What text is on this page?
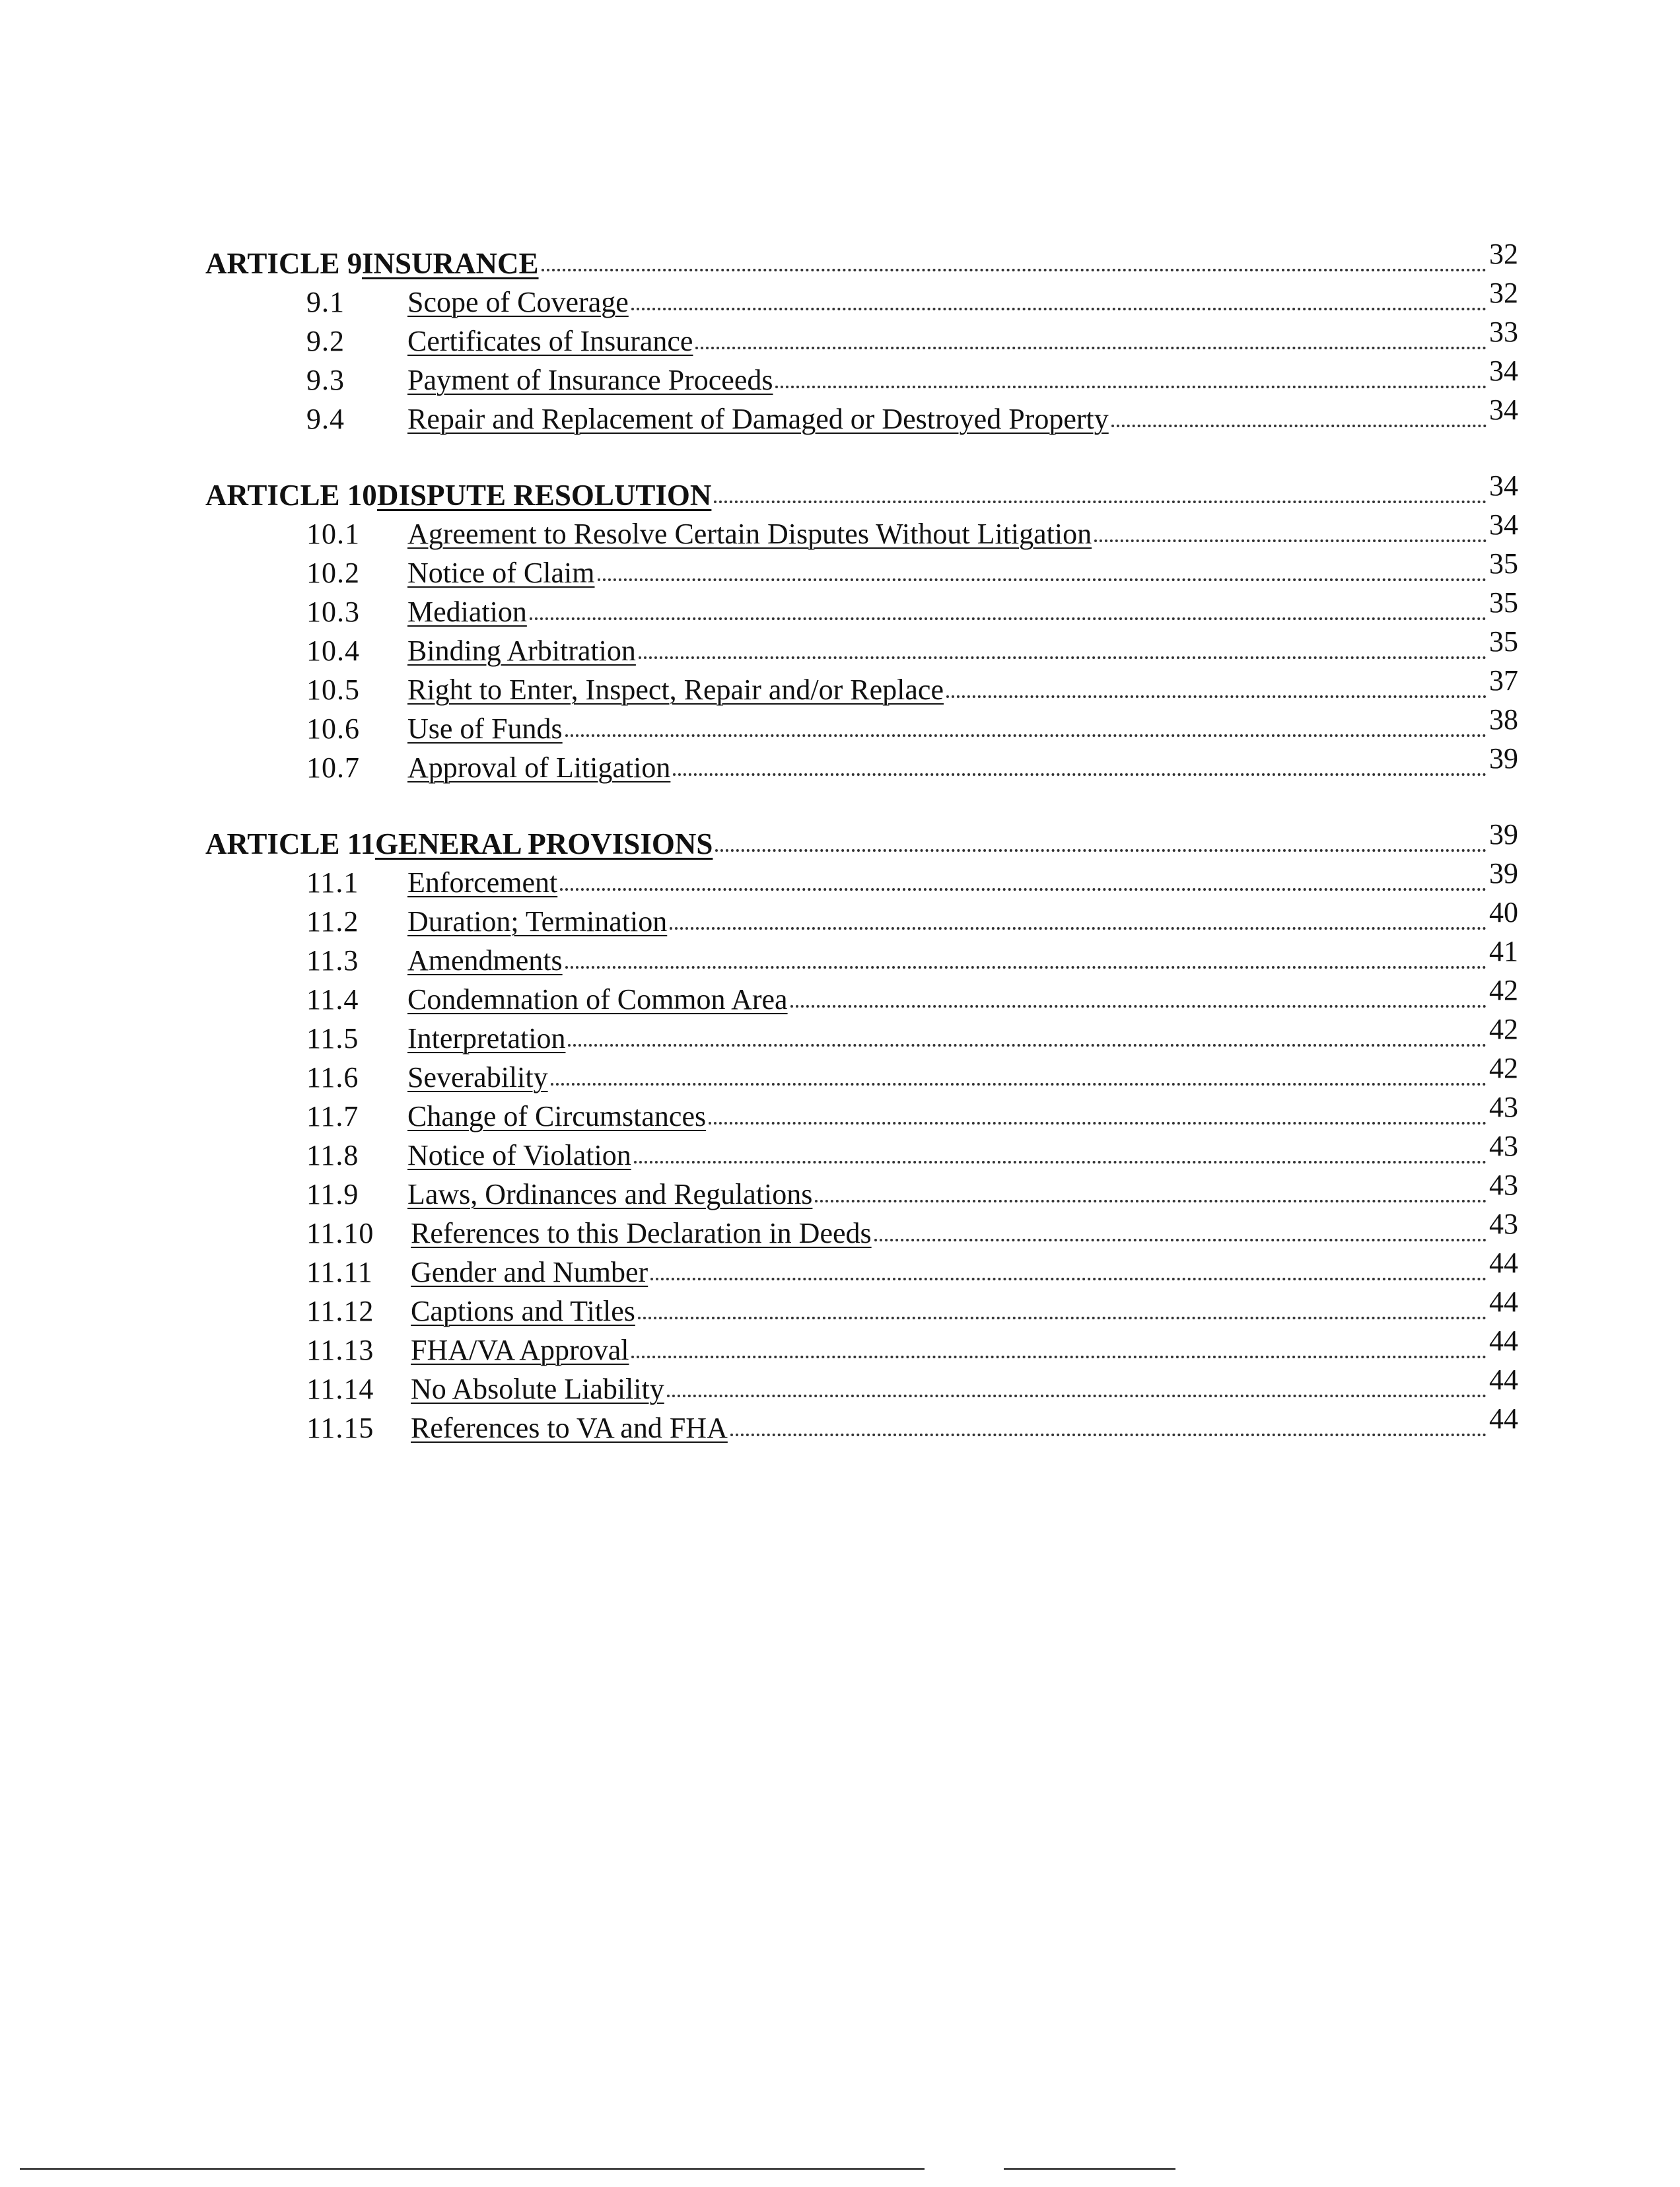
ARTICLE 9 INSURANCE	32
9.1 Scope of Coverage	32
9.2 Certificates of Insurance	33
9.3 Payment of Insurance Proceeds	34
9.4 Repair and Replacement of Damaged or Destroyed Property	34
ARTICLE 10 DISPUTE RESOLUTION	34
10.1 Agreement to Resolve Certain Disputes Without Litigation	34
10.2 Notice of Claim	35
10.3 Mediation	35
10.4 Binding Arbitration	35
10.5 Right to Enter, Inspect, Repair and/or Replace	37
10.6 Use of Funds	38
10.7 Approval of Litigation	39
ARTICLE 11 GENERAL PROVISIONS	39
11.1 Enforcement	39
11.2 Duration; Termination	40
11.3 Amendments	41
11.4 Condemnation of Common Area	42
11.5 Interpretation	42
11.6 Severability	42
11.7 Change of Circumstances	43
11.8 Notice of Violation	43
11.9 Laws, Ordinances and Regulations	43
11.10 References to this Declaration in Deeds	43
11.11 Gender and Number	44
11.12 Captions and Titles	44
11.13 FHA/VA Approval	44
11.14 No Absolute Liability	44
11.15 References to VA and FHA	44
